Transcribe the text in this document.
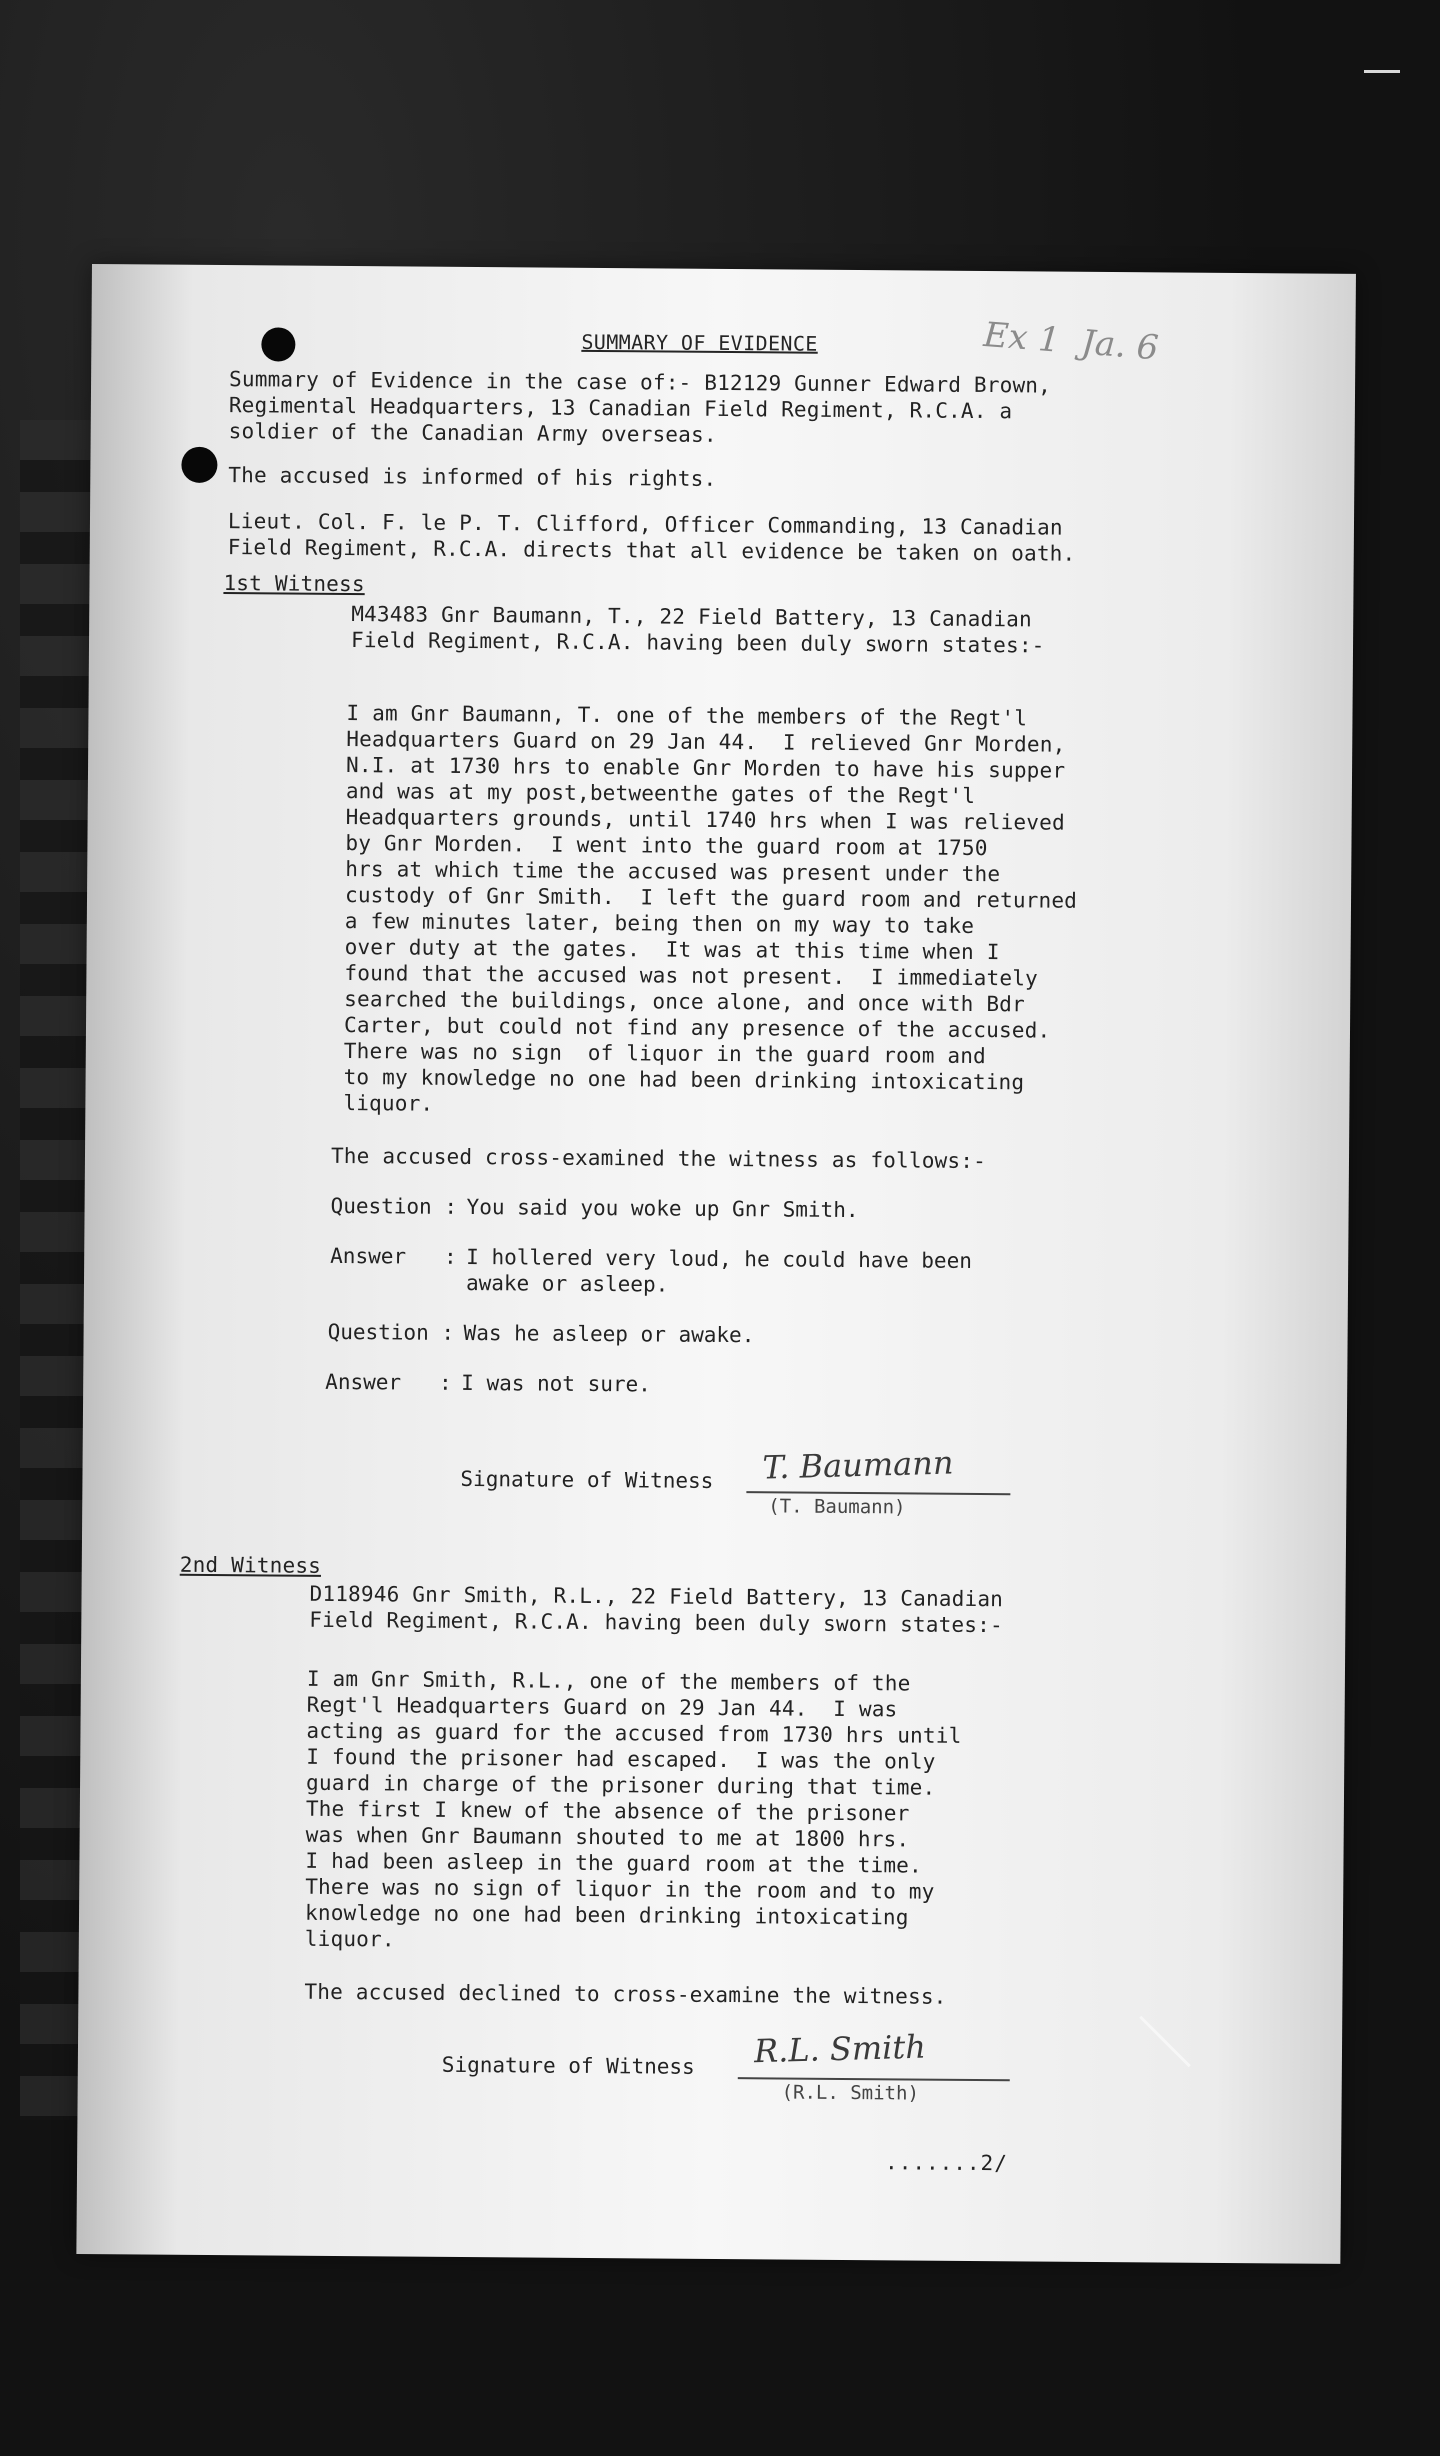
Ex 1  Ja. 6
SUMMARY OF EVIDENCE
Summary of Evidence in the case of:- B12129 Gunner Edward Brown,
Regimental Headquarters, 13 Canadian Field Regiment, R.C.A. a
soldier of the Canadian Army overseas.
The accused is informed of his rights.
Lieut. Col. F. le P. T. Clifford, Officer Commanding, 13 Canadian
Field Regiment, R.C.A. directs that all evidence be taken on oath.
1st Witness
M43483 Gnr Baumann, T., 22 Field Battery, 13 Canadian
Field Regiment, R.C.A. having been duly sworn states:-
I am Gnr Baumann, T. one of the members of the Regt'l
Headquarters Guard on 29 Jan 44.  I relieved Gnr Morden,
N.I. at 1730 hrs to enable Gnr Morden to have his supper
and was at my post,betweenthe gates of the Regt'l
Headquarters grounds, until 1740 hrs when I was relieved
by Gnr Morden.  I went into the guard room at 1750
hrs at which time the accused was present under the
custody of Gnr Smith.  I left the guard room and returned
a few minutes later, being then on my way to take
over duty at the gates.  It was at this time when I
found that the accused was not present.  I immediately
searched the buildings, once alone, and once with Bdr
Carter, but could not find any presence of the accused.
There was no sign  of liquor in the guard room and
to my knowledge no one had been drinking intoxicating
liquor.
The accused cross-examined the witness as follows:-
Question : You said you woke up Gnr Smith.
Answer   : I hollered very loud, he could have been
awake or asleep.
Question : Was he asleep or awake.
Answer   : I was not sure.
Signature of Witness T. Baumann
(T. Baumann)
2nd Witness
D118946 Gnr Smith, R.L., 22 Field Battery, 13 Canadian
Field Regiment, R.C.A. having been duly sworn states:-
I am Gnr Smith, R.L., one of the members of the
Regt'l Headquarters Guard on 29 Jan 44.  I was
acting as guard for the accused from 1730 hrs until
I found the prisoner had escaped.  I was the only
guard in charge of the prisoner during that time.
The first I knew of the absence of the prisoner
was when Gnr Baumann shouted to me at 1800 hrs.
I had been asleep in the guard room at the time.
There was no sign of liquor in the room and to my
knowledge no one had been drinking intoxicating
liquor.
The accused declined to cross-examine the witness.
Signature of Witness R.L. Smith
(R.L. Smith)
.......2/
